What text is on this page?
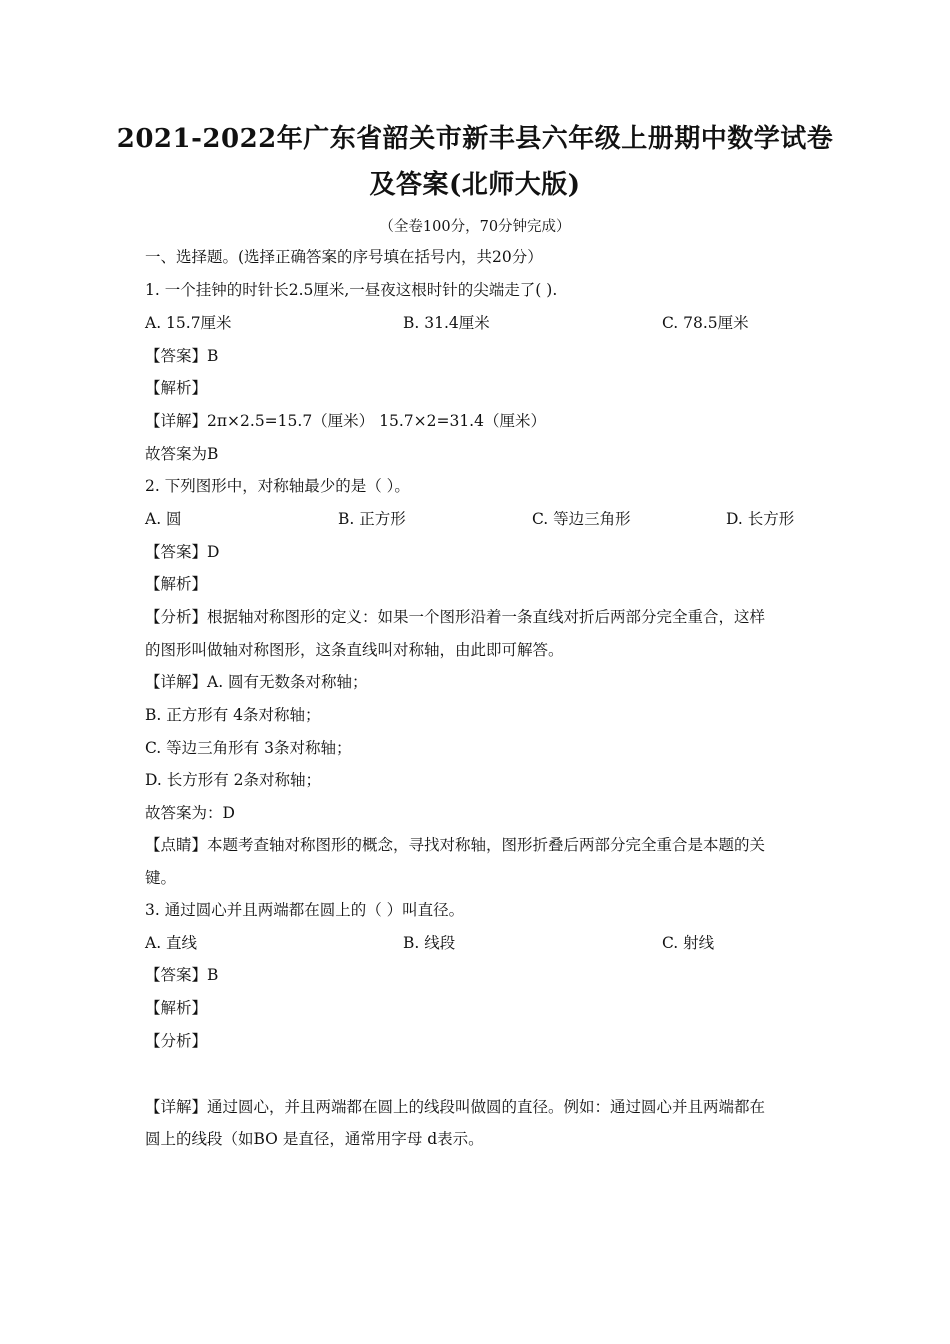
2021-2022年广东省韶关市新丰县六年级上册期中数学试卷
及答案(北师大版)
（全卷100分，70分钟完成）
一、选择题。(选择正确答案的序号填在括号内，共20分）
1. 一个挂钟的时针长2.5厘米,一昼夜这根时针的尖端走了( ).
A. 15.7厘米	B. 31.4厘米	C. 78.5厘米
【答案】B
【解析】
【详解】2π×2.5=15.7（厘米） 15.7×2=31.4（厘米）
故答案为B
2. 下列图形中，对称轴最少的是（ ）。
A. 圆	B. 正方形	C. 等边三角形	D. 长方形
【答案】D
【解析】
【分析】根据轴对称图形的定义：如果一个图形沿着一条直线对折后两部分完全重合，这样
的图形叫做轴对称图形，这条直线叫对称轴，由此即可解答。
【详解】A. 圆有无数条对称轴；
B. 正方形有 4条对称轴；
C. 等边三角形有 3条对称轴；
D. 长方形有 2条对称轴；
故答案为：D
【点睛】本题考查轴对称图形的概念，寻找对称轴，图形折叠后两部分完全重合是本题的关
键。
3. 通过圆心并且两端都在圆上的（ ）叫直径。
A. 直线	B. 线段	C. 射线
【答案】B
【解析】
【分析】
【详解】通过圆心，并且两端都在圆上的线段叫做圆的直径。例如：通过圆心并且两端都在
圆上的线段（如BO 是直径，通常用字母 d表示。
